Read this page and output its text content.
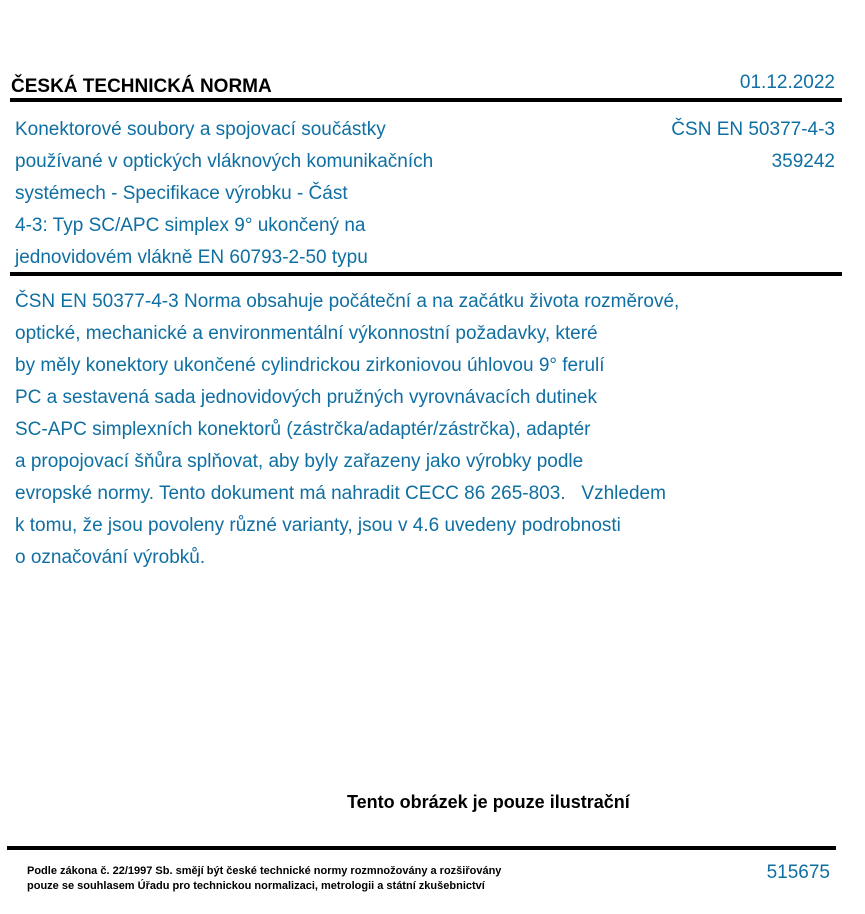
ČESKÁ TECHNICKÁ NORMA	01.12.2022
Konektorové soubory a spojovací součástky
používané v optických vláknových komunikačních
systémech - Specifikace výrobku - Část
4-3: Typ SC/APC simplex 9° ukončený na
jednovidovém vlákně EN 60793-2-50 typu
ČSN EN 50377-4-3
359242
ČSN EN 50377-4-3 Norma obsahuje počáteční a na začátku života rozměrové,
optické, mechanické a environmentální výkonnostní požadavky, které
by měly konektory ukončené cylindrickou zirkoniovou úhlovou 9° ferulí
PC a sestavená sada jednovidových pružných vyrovnávacích dutinek
SC-APC simplexních konektorů (zástrčka/adaptér/zástrčka), adaptér
a propojovací šňůra splňovat, aby byly zařazeny jako výrobky podle
evropské normy. Tento dokument má nahradit CECC 86 265-803.   Vzhledem
k tomu, že jsou povoleny různé varianty, jsou v 4.6 uvedeny podrobnosti
o označování výrobků.
Tento obrázek je pouze ilustrační
Podle zákona č. 22/1997 Sb. smějí být české technické normy rozmnožovány a rozšiřovány
pouze se souhlasem Úřadu pro technickou normalizaci, metrologii a státní zkušebnictví
515675
